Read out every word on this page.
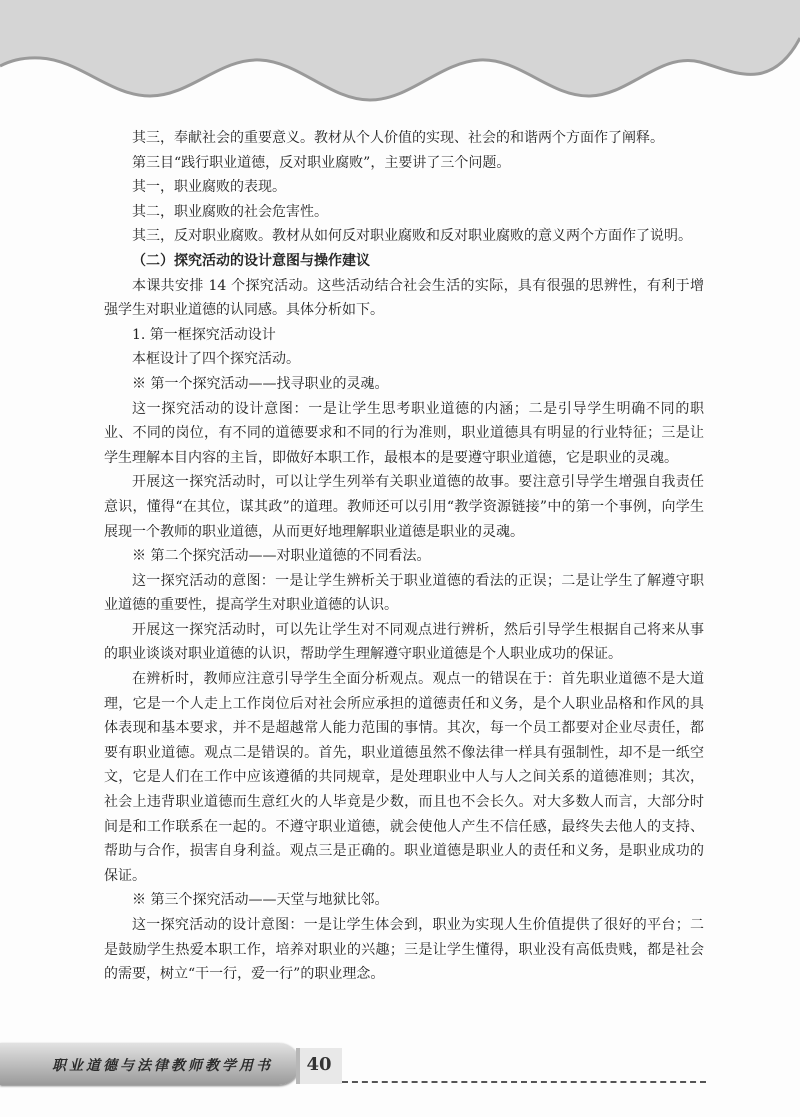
其三，奉献社会的重要意义。教材从个人价值的实现、社会的和谐两个方面作了阐释。

第三目“践行职业道德，反对职业腐败”，主要讲了三个问题。

其一，职业腐败的表现。

其二，职业腐败的社会危害性。

其三，反对职业腐败。教材从如何反对职业腐败和反对职业腐败的意义两个方面作了说明。

（二）探究活动的设计意图与操作建议

本课共安排 14 个探究活动。这些活动结合社会生活的实际，具有很强的思辨性，有利于增强学生对职业道德的认同感。具体分析如下。

1. 第一框探究活动设计

本框设计了四个探究活动。

※ 第一个探究活动——找寻职业的灵魂。

这一探究活动的设计意图：一是让学生思考职业道德的内涵；二是引导学生明确不同的职业、不同的岗位，有不同的道德要求和不同的行为准则，职业道德具有明显的行业特征；三是让学生理解本目内容的主旨，即做好本职工作，最根本的是要遵守职业道德，它是职业的灵魂。

开展这一探究活动时，可以让学生列举有关职业道德的故事。要注意引导学生增强自我责任意识，懂得“在其位，谋其政”的道理。教师还可以引用“教学资源链接”中的第一个事例，向学生展现一个教师的职业道德，从而更好地理解职业道德是职业的灵魂。

※ 第二个探究活动——对职业道德的不同看法。

这一探究活动的意图：一是让学生辨析关于职业道德的看法的正误；二是让学生了解遵守职业道德的重要性，提高学生对职业道德的认识。

开展这一探究活动时，可以先让学生对不同观点进行辨析，然后引导学生根据自己将来从事的职业谈谈对职业道德的认识，帮助学生理解遵守职业道德是个人职业成功的保证。

在辨析时，教师应注意引导学生全面分析观点。观点一的错误在于：首先职业道德不是大道理，它是一个人走上工作岗位后对社会所应承担的道德责任和义务，是个人职业品格和作风的具体表现和基本要求，并不是超越常人能力范围的事情。其次，每一个员工都要对企业尽责任，都要有职业道德。观点二是错误的。首先，职业道德虽然不像法律一样具有强制性，却不是一纸空文，它是人们在工作中应该遵循的共同规章，是处理职业中人与人之间关系的道德准则；其次，社会上违背职业道德而生意红火的人毕竟是少数，而且也不会长久。对大多数人而言，大部分时间是和工作联系在一起的。不遵守职业道德，就会使他人产生不信任感，最终失去他人的支持、帮助与合作，损害自身利益。观点三是正确的。职业道德是职业人的责任和义务，是职业成功的保证。

※ 第三个探究活动——天堂与地狱比邻。

这一探究活动的设计意图：一是让学生体会到，职业为实现人生价值提供了很好的平台；二是鼓励学生热爱本职工作，培养对职业的兴趣；三是让学生懂得，职业没有高低贵贱，都是社会的需要，树立“干一行，爱一行”的职业理念。

职业道德与法律教师教学用书 40
